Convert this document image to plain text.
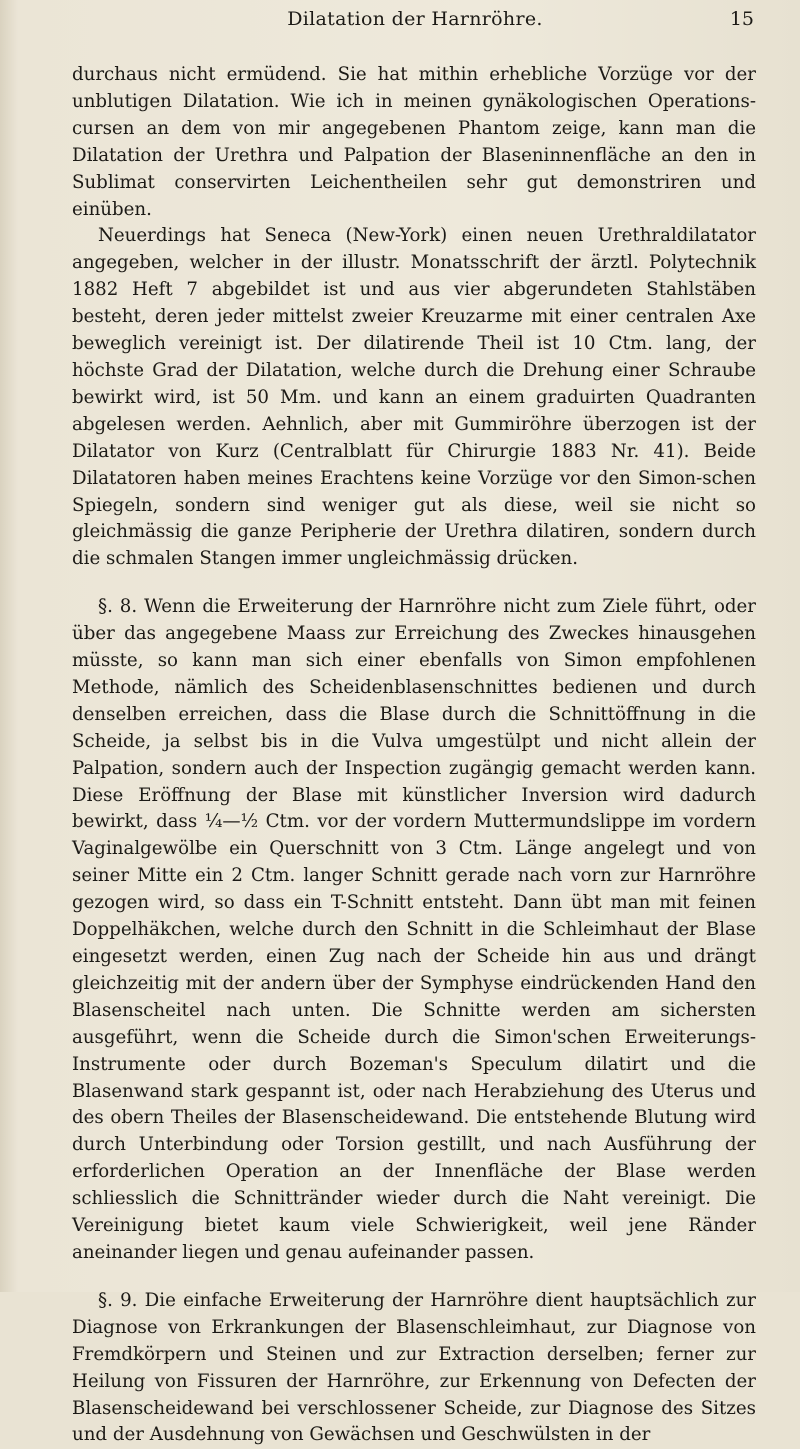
Dilatation der Harnröhre.	15

durchaus nicht ermüdend. Sie hat mithin erhebliche Vorzüge vor der unblutigen Dilatation. Wie ich in meinen gynäkologischen Operations-cursen an dem von mir angegebenen Phantom zeige, kann man die Dilatation der Urethra und Palpation der Blaseninnenfläche an den in Sublimat conservirten Leichentheilen sehr gut demonstriren und einüben.

Neuerdings hat Seneca (New-York) einen neuen Urethraldilatator angegeben, welcher in der illustr. Monatsschrift der ärztl. Polytechnik 1882 Heft 7 abgebildet ist und aus vier abgerundeten Stahlstäben besteht, deren jeder mittelst zweier Kreuzarme mit einer centralen Axe beweglich vereinigt ist. Der dilatirende Theil ist 10 Ctm. lang, der höchste Grad der Dilatation, welche durch die Drehung einer Schraube bewirkt wird, ist 50 Mm. und kann an einem graduirten Quadranten abgelesen werden. Aehnlich, aber mit Gummiröhre überzogen ist der Dilatator von Kurz (Centralblatt für Chirurgie 1883 Nr. 41). Beide Dilatatoren haben meines Erachtens keine Vorzüge vor den Simon-schen Spiegeln, sondern sind weniger gut als diese, weil sie nicht so gleichmässig die ganze Peripherie der Urethra dilatiren, sondern durch die schmalen Stangen immer ungleichmässig drücken.

§. 8. Wenn die Erweiterung der Harnröhre nicht zum Ziele führt, oder über das angegebene Maass zur Erreichung des Zweckes hinausgehen müsste, so kann man sich einer ebenfalls von Simon empfohlenen Methode, nämlich des Scheidenblasenschnittes bedienen und durch denselben erreichen, dass die Blase durch die Schnittöffnung in die Scheide, ja selbst bis in die Vulva umgestülpt und nicht allein der Palpation, sondern auch der Inspection zugängig gemacht werden kann. Diese Eröffnung der Blase mit künstlicher Inversion wird dadurch bewirkt, dass ¼—½ Ctm. vor der vordern Muttermundslippe im vordern Vaginalgewölbe ein Querschnitt von 3 Ctm. Länge angelegt und von seiner Mitte ein 2 Ctm. langer Schnitt gerade nach vorn zur Harnröhre gezogen wird, so dass ein T-Schnitt entsteht. Dann übt man mit feinen Doppelhäkchen, welche durch den Schnitt in die Schleimhaut der Blase eingesetzt werden, einen Zug nach der Scheide hin aus und drängt gleichzeitig mit der andern über der Symphyse eindrückenden Hand den Blasenscheitel nach unten. Die Schnitte werden am sichersten ausgeführt, wenn die Scheide durch die Simon'schen Erweiterungs-Instrumente oder durch Bozeman's Speculum dilatirt und die Blasenwand stark gespannt ist, oder nach Herabziehung des Uterus und des obern Theiles der Blasenscheidewand. Die entstehende Blutung wird durch Unterbindung oder Torsion gestillt, und nach Ausführung der erforderlichen Operation an der Innenfläche der Blase werden schliesslich die Schnittränder wieder durch die Naht vereinigt. Die Vereinigung bietet kaum viele Schwierigkeit, weil jene Ränder aneinander liegen und genau aufeinander passen.

§. 9. Die einfache Erweiterung der Harnröhre dient hauptsächlich zur Diagnose von Erkrankungen der Blasenschleimhaut, zur Diagnose von Fremdkörpern und Steinen und zur Extraction derselben; ferner zur Heilung von Fissuren der Harnröhre, zur Erkennung von Defecten der Blasenscheidewand bei verschlossener Scheide, zur Diagnose des Sitzes und der Ausdehnung von Gewächsen und Geschwülsten in der
